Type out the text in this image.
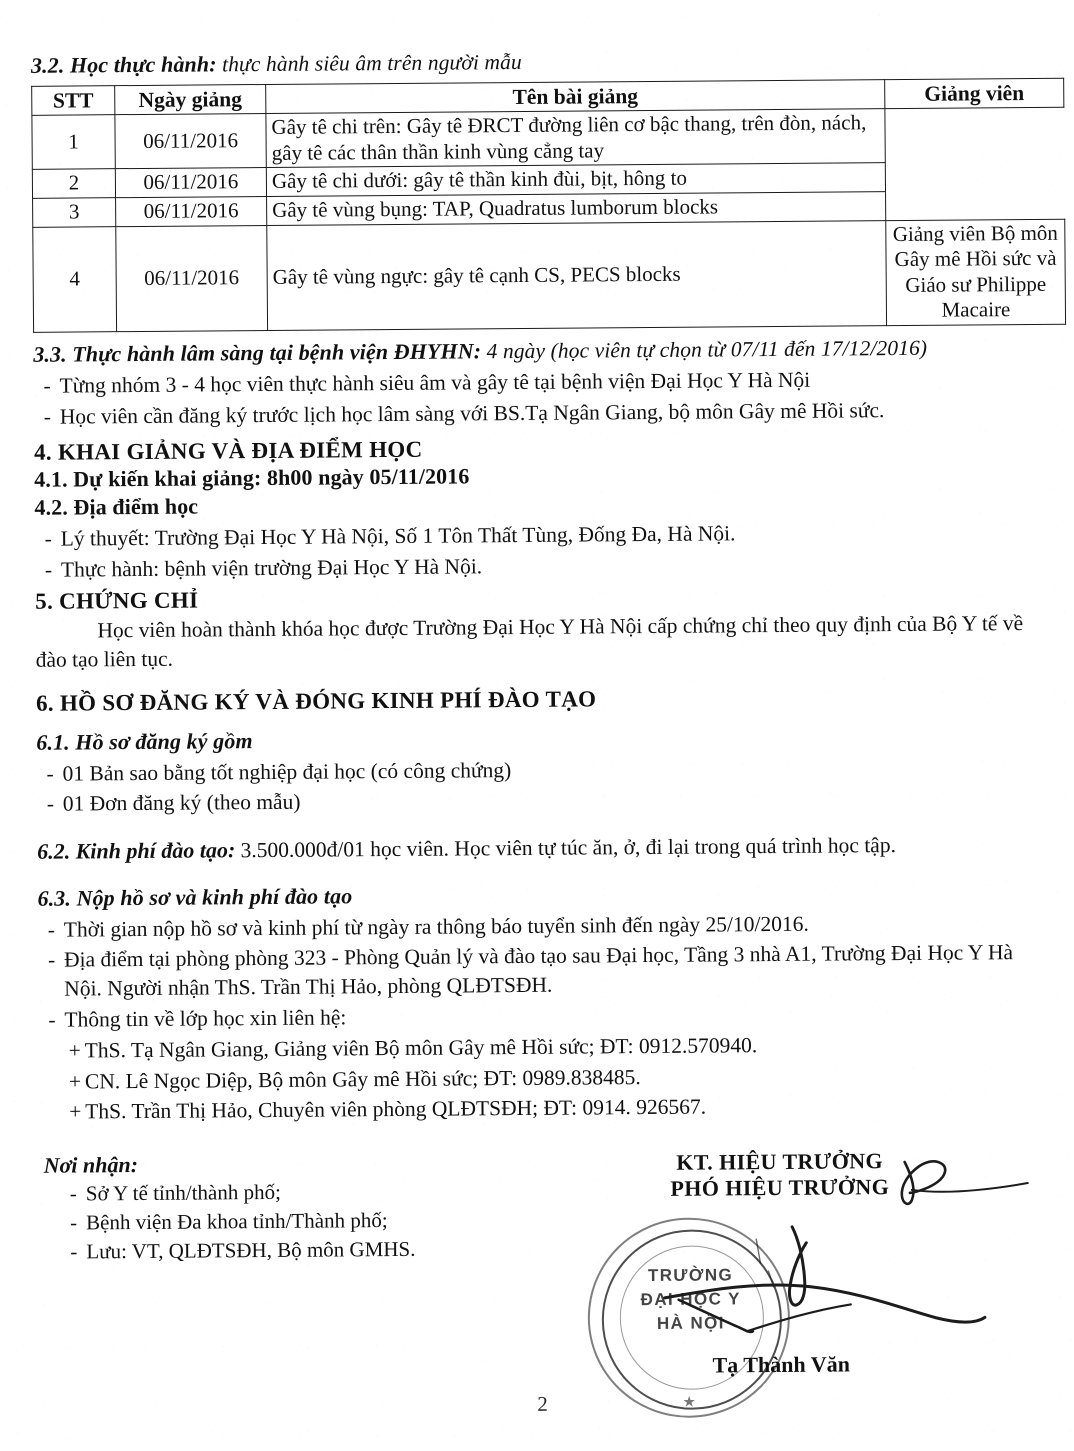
3.2. Học thực hành: thực hành siêu âm trên người mẫu
STT	Ngày giảng	Tên bài giảng	Giảng viên
1	06/11/2016	Gây tê chi trên: Gây tê ĐRCT đường liên cơ bậc thang, trên đòn, nách, gây tê các thân thần kinh vùng cẳng tay	
2	06/11/2016	Gây tê chi dưới: gây tê thần kinh đùi, bịt, hông to	
3	06/11/2016	Gây tê vùng bụng: TAP, Quadratus lumborum blocks	
4	06/11/2016	Gây tê vùng ngực: gây tê cạnh CS, PECS blocks	Giảng viên Bộ môn Gây mê Hồi sức và Giáo sư Philippe Macaire
3.3. Thực hành lâm sàng tại bệnh viện ĐHYHN: 4 ngày (học viên tự chọn từ 07/11 đến 17/12/2016)
- Từng nhóm 3 - 4 học viên thực hành siêu âm và gây tê tại bệnh viện Đại Học Y Hà Nội
- Học viên cần đăng ký trước lịch học lâm sàng với BS.Tạ Ngân Giang, bộ môn Gây mê Hồi sức.
4. KHAI GIẢNG VÀ ĐỊA ĐIỂM HỌC
4.1. Dự kiến khai giảng: 8h00 ngày 05/11/2016
4.2. Địa điểm học
- Lý thuyết: Trường Đại Học Y Hà Nội, Số 1 Tôn Thất Tùng, Đống Đa, Hà Nội.
- Thực hành: bệnh viện trường Đại Học Y Hà Nội.
5. CHỨNG CHỈ

Học viên hoàn thành khóa học được Trường Đại Học Y Hà Nội cấp chứng chỉ theo quy định của Bộ Y tế về đào tạo liên tục.

6. HỒ SƠ ĐĂNG KÝ VÀ ĐÓNG KINH PHÍ ĐÀO TẠO
6.1. Hồ sơ đăng ký gồm
- 01 Bản sao bằng tốt nghiệp đại học (có công chứng)
- 01 Đơn đăng ký (theo mẫu)

6.2. Kinh phí đào tạo: 3.500.000đ/01 học viên. Học viên tự túc ăn, ở, đi lại trong quá trình học tập.

6.3. Nộp hồ sơ và kinh phí đào tạo
- Thời gian nộp hồ sơ và kinh phí từ ngày ra thông báo tuyển sinh đến ngày 25/10/2016.
- Địa điểm tại phòng phòng 323 - Phòng Quản lý và đào tạo sau Đại học, Tầng 3 nhà A1, Trường Đại Học Y Hà Nội. Người nhận ThS. Trần Thị Hảo, phòng QLĐTSĐH.
- Thông tin về lớp học xin liên hệ:
+ ThS. Tạ Ngân Giang, Giảng viên Bộ môn Gây mê Hồi sức; ĐT: 0912.570940.
+ CN. Lê Ngọc Diệp, Bộ môn Gây mê Hồi sức; ĐT: 0989.838485.
+ ThS. Trần Thị Hảo, Chuyên viên phòng QLĐTSĐH; ĐT: 0914. 926567.
Nơi nhận:
- Sở Y tế tỉnh/thành phố;
- Bệnh viện Đa khoa tỉnh/Thành phố;
- Lưu: VT, QLĐTSĐH, Bộ môn GMHS.
TRƯỜNG
ĐẠI HỌC Y
HÀ NỘI
★
KT. HIỆU TRƯỞNG
PHÓ HIỆU TRƯỞNG
Tạ Thành Văn
2
